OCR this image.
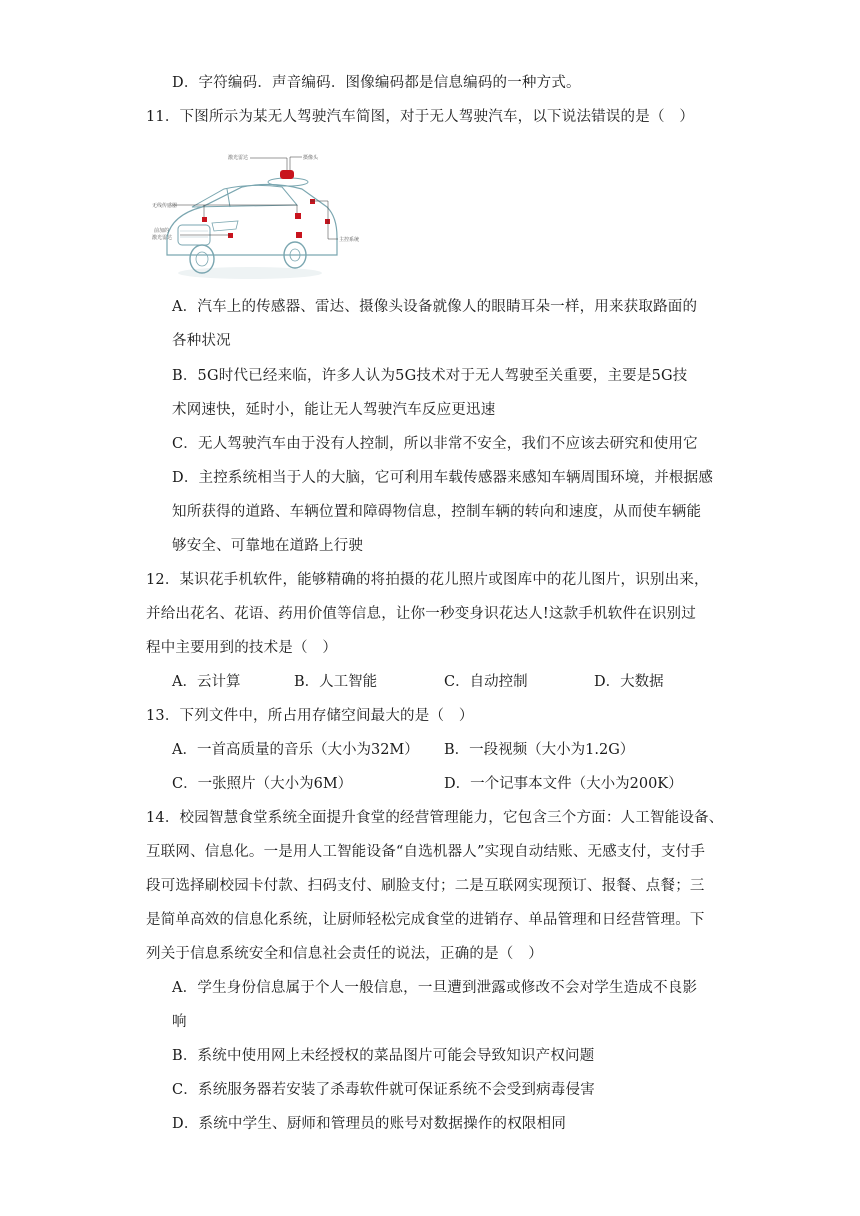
D．字符编码．声音编码．图像编码都是信息编码的一种方式。
11．下图所示为某无人驾驶汽车简图，对于无人驾驶汽车，以下说法错误的是（　）
激光雷达	摄像头
无线传感器
前加的
激光雷达	主控系统
A．汽车上的传感器、雷达、摄像头设备就像人的眼睛耳朵一样，用来获取路面的
各种状况
B．5G时代已经来临，许多人认为5G技术对于无人驾驶至关重要，主要是5G技
术网速快，延时小，能让无人驾驶汽车反应更迅速
C．无人驾驶汽车由于没有人控制，所以非常不安全，我们不应该去研究和使用它
D．主控系统相当于人的大脑，它可利用车载传感器来感知车辆周围环境，并根据感
知所获得的道路、车辆位置和障碍物信息，控制车辆的转向和速度，从而使车辆能
够安全、可靠地在道路上行驶
12．某识花手机软件，能够精确的将拍摄的花儿照片或图库中的花儿图片，识别出来，
并给出花名、花语、药用价值等信息，让你一秒变身识花达人!这款手机软件在识别过
程中主要用到的技术是（　）
A．云计算	B．人工智能	C．自动控制	D．大数据
13．下列文件中，所占用存储空间最大的是（　）
A．一首高质量的音乐（大小为32M） B．一段视频（大小为1.2G）
C．一张照片（大小为6M）	D．一个记事本文件（大小为200K）
14．校园智慧食堂系统全面提升食堂的经营管理能力，它包含三个方面：人工智能设备、
互联网、信息化。一是用人工智能设备“自选机器人”实现自动结账、无感支付，支付手
段可选择刷校园卡付款、扫码支付、刷脸支付；二是互联网实现预订、报餐、点餐；三
是简单高效的信息化系统，让厨师轻松完成食堂的进销存、单品管理和日经营管理。下
列关于信息系统安全和信息社会责任的说法，正确的是（　）
A．学生身份信息属于个人一般信息，一旦遭到泄露或修改不会对学生造成不良影
响
B．系统中使用网上未经授权的菜品图片可能会导致知识产权问题
C．系统服务器若安装了杀毒软件就可保证系统不会受到病毒侵害
D．系统中学生、厨师和管理员的账号对数据操作的权限相同
